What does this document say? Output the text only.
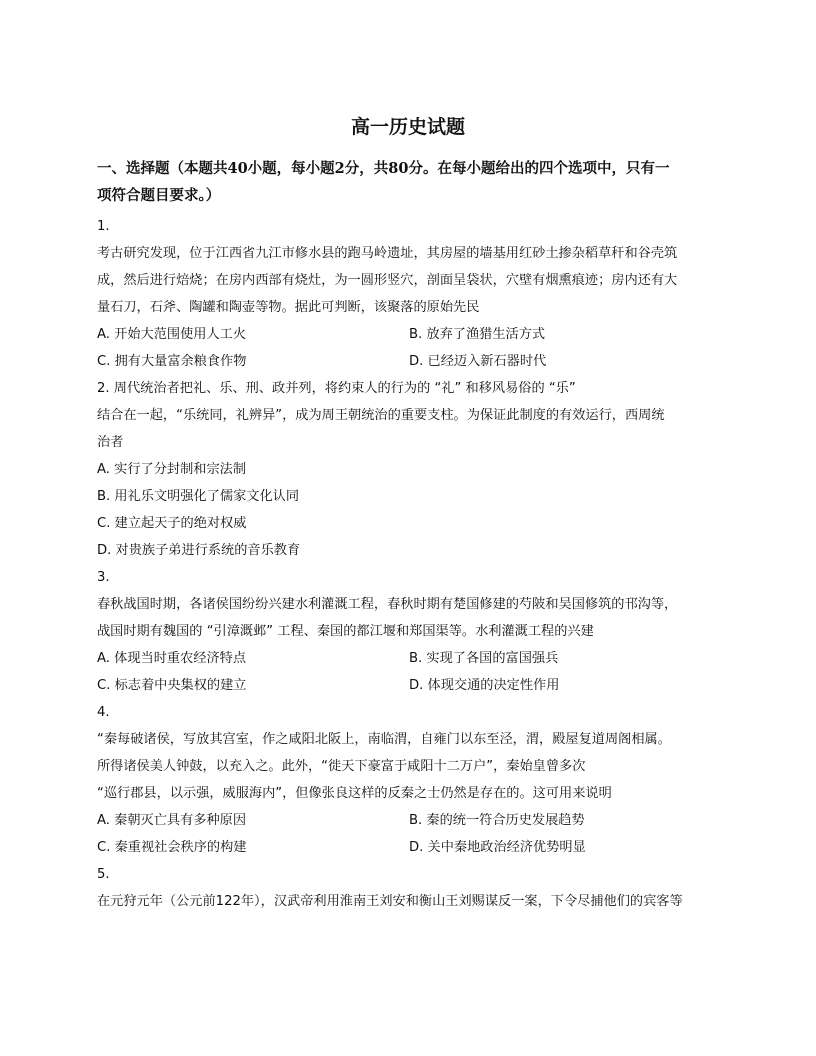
高一历史试题
一、选择题（本题共40小题，每小题2分，共80分。在每小题给出的四个选项中，只有一
项符合题目要求。）
1.
考古研究发现，位于江西省九江市修水县的跑马岭遗址，其房屋的墙基用红砂土掺杂稻草秆和谷壳筑
成，然后进行焙烧；在房内西部有烧灶，为一圆形竖穴，剖面呈袋状，穴壁有烟熏痕迹；房内还有大
量石刀，石斧、陶罐和陶壶等物。据此可判断，该聚落的原始先民
A. 开始大范围使用人工火	B. 放弃了渔猎生活方式
C. 拥有大量富余粮食作物	D. 已经迈入新石器时代
2. 周代统治者把礼、乐、刑、政并列，将约束人的行为的 “礼” 和移风易俗的 “乐”
结合在一起，“乐统同，礼辨异”，成为周王朝统治的重要支柱。为保证此制度的有效运行，西周统
治者
A. 实行了分封制和宗法制
B. 用礼乐文明强化了儒家文化认同
C. 建立起天子的绝对权威
D. 对贵族子弟进行系统的音乐教育
3.
春秋战国时期，各诸侯国纷纷兴建水利灌溉工程，春秋时期有楚国修建的芍陂和吴国修筑的邗沟等，
战国时期有魏国的 “引漳溉邺” 工程、秦国的都江堰和郑国渠等。水利灌溉工程的兴建
A. 体现当时重农经济特点	B. 实现了各国的富国强兵
C. 标志着中央集权的建立	D. 体现交通的决定性作用
4.
“秦每破诸侯，写放其宫室，作之咸阳北阪上，南临渭，自雍门以东至泾，渭，殿屋复道周阁相属。
所得诸侯美人钟鼓，以充入之。此外，“徙天下豪富于咸阳十二万户”，秦始皇曾多次
“巡行郡县，以示强，威服海内”，但像张良这样的反秦之士仍然是存在的。这可用来说明
A. 秦朝灭亡具有多种原因	B. 秦的统一符合历史发展趋势
C. 秦重视社会秩序的构建	D. 关中秦地政治经济优势明显
5.
在元狩元年（公元前122年），汉武帝利用淮南王刘安和衡山王刘赐谋反一案，下令尽捕他们的宾客等
